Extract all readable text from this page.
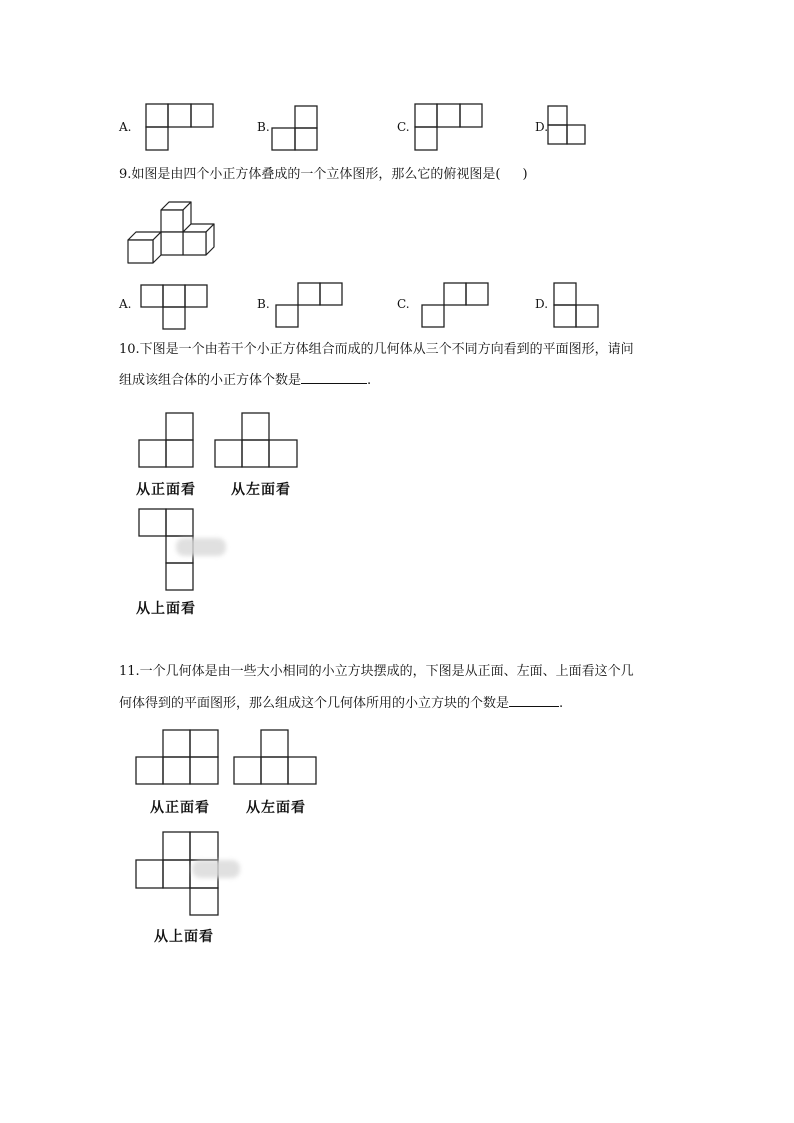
A.	B.	C.	D.
9.如图是由四个小正方体叠成的一个立体图形，那么它的俯视图是( )
A.	B.	C.	D.
10.下图是一个由若干个小正方体组合而成的几何体从三个不同方向看到的平面图形，请问
组成该组合体的小正方体个数是	.
从正面看	从左面看
从上面看
11.一个几何体是由一些大小相同的小立方块摆成的，下图是从正面、左面、上面看这个几
何体得到的平面图形，那么组成这个几何体所用的小立方块的个数是	.
从正面看	从左面看
从上面看
